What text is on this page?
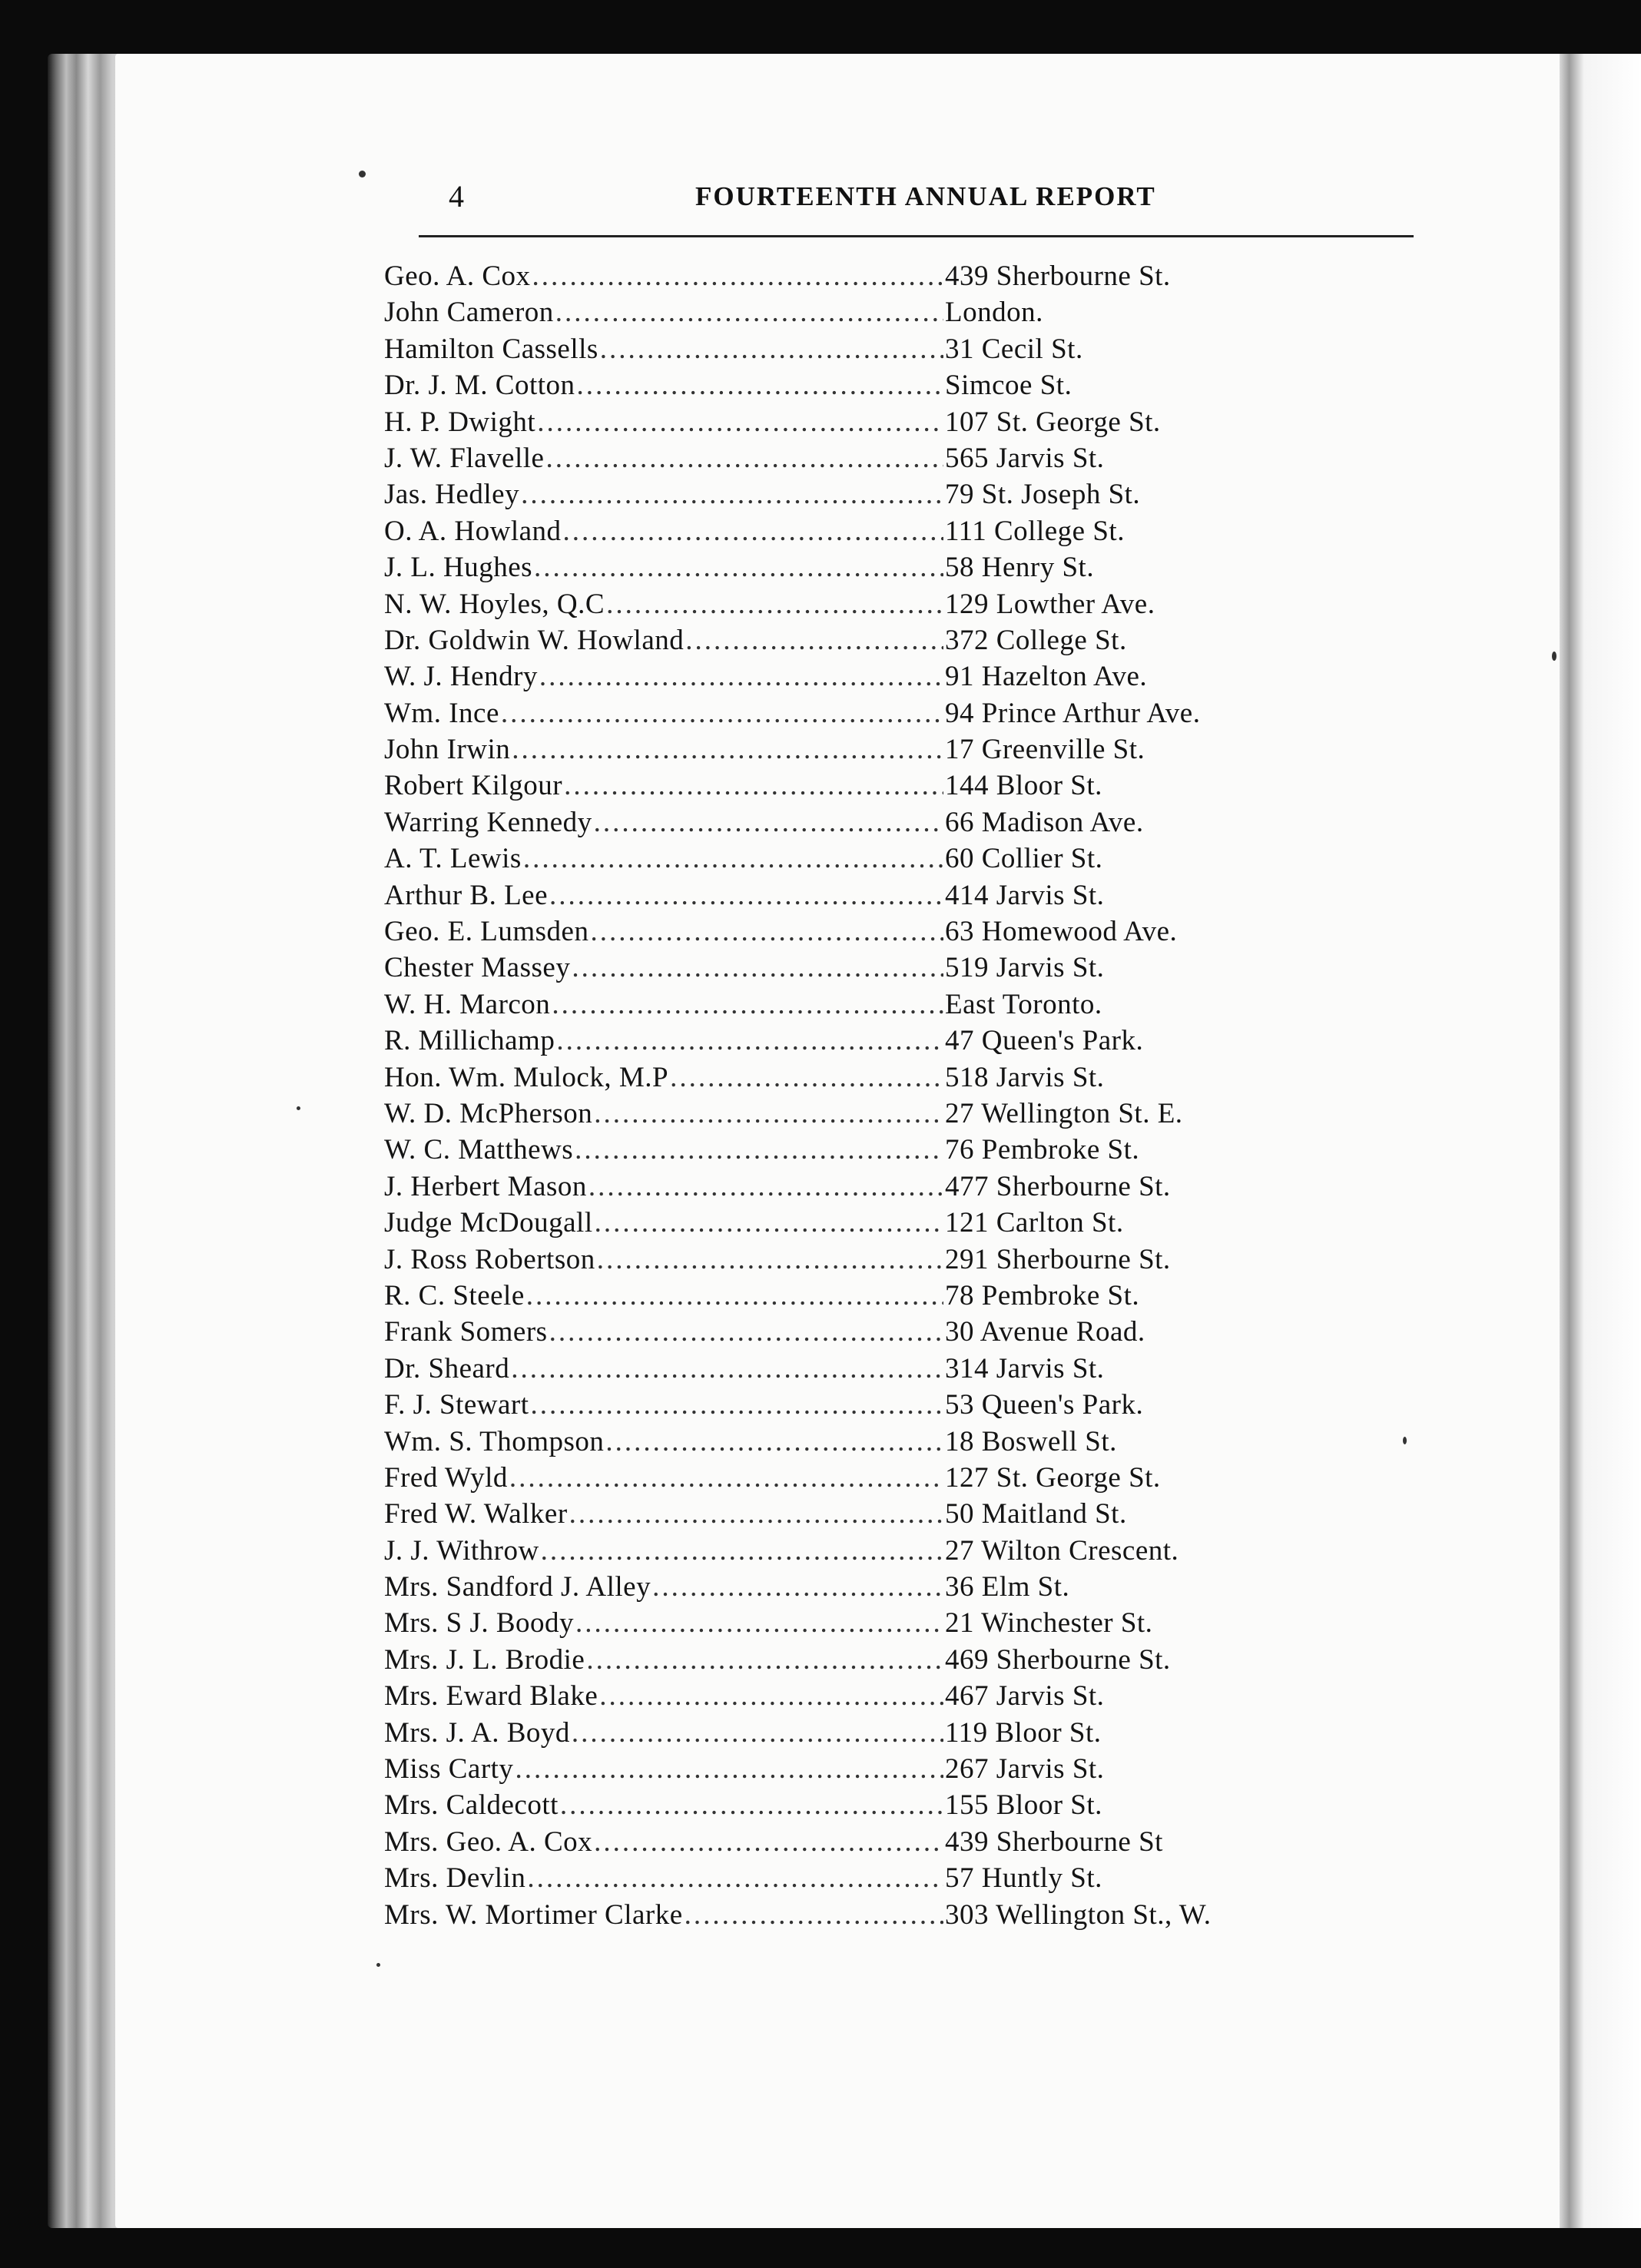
4	FOURTEENTH ANNUAL REPORT
Geo. A. Cox .....	439 Sherbourne St.
John Cameron .....	London.
Hamilton Cassells .....	31 Cecil St.
Dr. J. M. Cotton .....	Simcoe St.
H. P. Dwight .....	107 St. George St.
J. W. Flavelle .....	565 Jarvis St.
Jas. Hedley .....	79 St. Joseph St.
O. A. Howland .....	111 College St.
J. L. Hughes .....	58 Henry St.
N. W. Hoyles, Q.C .....	129 Lowther Ave.
Dr. Goldwin W. Howland .....	372 College St.
W. J. Hendry .....	91 Hazelton Ave.
Wm. Ince .....	94 Prince Arthur Ave.
John Irwin .....	17 Greenville St.
Robert Kilgour .....	144 Bloor St.
Warring Kennedy .....	66 Madison Ave.
A. T. Lewis .....	60 Collier St.
Arthur B. Lee .....	414 Jarvis St.
Geo. E. Lumsden .....	63 Homewood Ave.
Chester Massey .....	519 Jarvis St.
W. H. Marcon .....	East Toronto.
R. Millichamp .....	47 Queen's Park.
Hon. Wm. Mulock, M.P .....	518 Jarvis St.
W. D. McPherson .....	27 Wellington St. E.
W. C. Matthews .....	76 Pembroke St.
J. Herbert Mason .....	477 Sherbourne St.
Judge McDougall .....	121 Carlton St.
J. Ross Robertson .....	291 Sherbourne St.
R. C. Steele .....	78 Pembroke St.
Frank Somers .....	30 Avenue Road.
Dr. Sheard .....	314 Jarvis St.
F. J. Stewart .....	53 Queen's Park.
Wm. S. Thompson .....	18 Boswell St.
Fred Wyld .....	127 St. George St.
Fred W. Walker .....	50 Maitland St.
J. J. Withrow .....	27 Wilton Crescent.
Mrs. Sandford J. Alley .....	36 Elm St.
Mrs. S J. Boody .....	21 Winchester St.
Mrs. J. L. Brodie .....	469 Sherbourne St.
Mrs. Eward Blake .....	467 Jarvis St.
Mrs. J. A. Boyd .....	119 Bloor St.
Miss Carty .....	267 Jarvis St.
Mrs. Caldecott .....	155 Bloor St.
Mrs. Geo. A. Cox .....	439 Sherbourne St
Mrs. Devlin .....	57 Huntly St.
Mrs. W. Mortimer Clarke .....	303 Wellington St., W.
